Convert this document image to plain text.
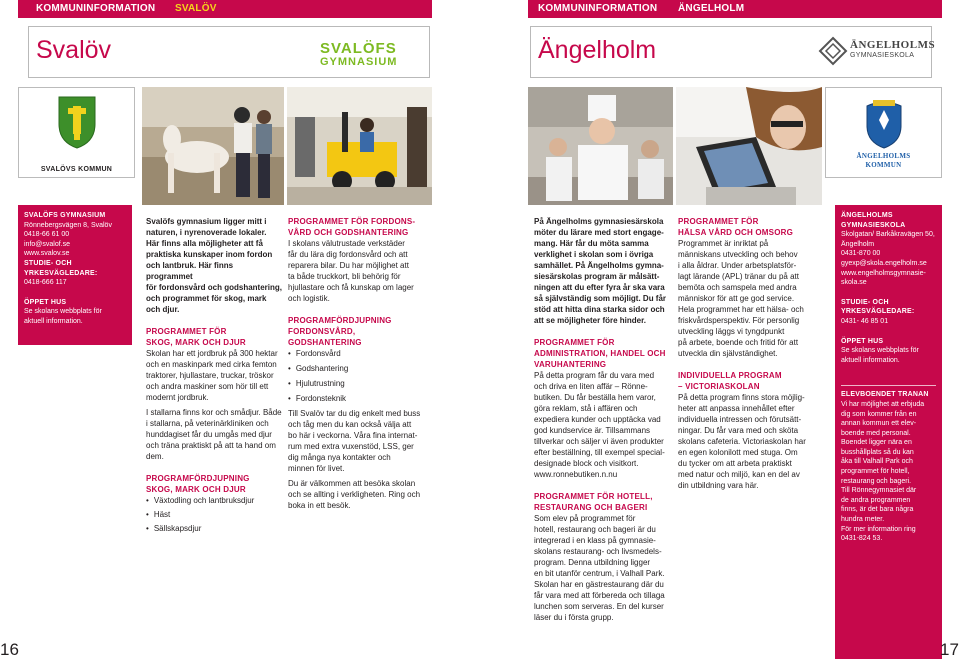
KOMMUNINFORMATION SVALÖV	KOMMUNINFORMATION ÄNGELHOLM
Svalöv	SVALÖFS
GYMNASIUM	Ängelholm	ÄNGELHOLMS
GYMNASIESKOLA
SVALÖVS KOMMUN
ÄNGELHOLMS
KOMMUN
SVALÖFS GYMNASIUM
Rönnebergsvägen 8, Svalöv
0418-66 61 00
info@svalof.se
www.svalov.se
STUDIE- OCH
YRKESVÄGLEDARE:
0418-666 117
ÖPPET HUS
Se skolans webbplats för
aktuell information.

Svalöfs gymnasium ligger mitt i

naturen, i nyrenoverade lokaler.

Här finns alla möjligheter att få

praktiska kunskaper inom fordon

och lantbruk. Här finns programmet

för fordonsvård och godshantering,

och programmet för skog, mark

och djur.

PROGRAMMET FÖR

SKOG, MARK OCH DJUR

Skolan har ett jordbruk på 300 hektar

och en maskinpark med cirka femton

traktorer, hjullastare, truckar, tröskor

och andra maskiner som hör till ett

modernt jordbruk.

I stallarna finns kor och smådjur. Både

i stallarna, på veterinärkliniken och

hunddagiset får du umgås med djur

och träna praktiskt på att ta hand om

dem.

PROGRAMFÖRDJUPNING

SKOG, MARK OCH DJUR

• Växtodling och lantbruksdjur
• Häst
• Sällskapsdjur

PROGRAMMET FÖR FORDONS-

VÅRD OCH GODSHANTERING

I skolans välutrustade verkstäder

får du lära dig fordonsvård och att

reparera bilar. Du har möjlighet att

ta både truckkort, bli behörig för

hjullastare och få kunskap om lager

och logistik.

PROGRAMFÖRDJUPNING

FORDONSVÅRD, GODSHANTERING

• Fordonsvård
• Godshantering
• Hjulutrustning
• Fordonsteknik

Till Svalöv tar du dig enkelt med buss

och tåg men du kan också välja att

bo här i veckorna. Våra fina internat-

rum med extra vuxenstöd, LSS, ger

dig många nya kontakter och

minnen för livet.

Du är välkommen att besöka skolan

och se allting i verkligheten. Ring och

boka in ett besök.

På Ängelholms gymnasiesärskola

möter du lärare med stort engage-

mang. Här får du möta samma

verklighet i skolan som i övriga

samhället. På Ängelholms gymna-

siesärskolas program är målsätt-

ningen att du efter fyra år ska vara

så självständig som möjligt. Du får

stöd att hitta dina starka sidor och

att se möjligheter före hinder.

PROGRAMMET FÖR

ADMINISTRATION, HANDEL OCH

VARUHANTERING

På detta program får du vara med

och driva en liten affär – Rönne-

butiken. Du får beställa hem varor,

göra reklam, stå i affären och

expediera kunder och upptäcka vad

god kundservice är. Tillsammans

tillverkar och säljer vi även produkter

efter beställning, till exempel special-

designade block och visitkort.

www.ronnebutiken.n.nu

PROGRAMMET FÖR HOTELL,

RESTAURANG OCH BAGERI

Som elev på programmet för

hotell, restaurang och bageri är du

integrerad i en klass på gymnasie-

skolans restaurang- och livsmedels-

program. Denna utbildning ligger

en bit utanför centrum, i Valhall Park.

Skolan har en gästrestaurang där du

får vara med att förbereda och tillaga

lunchen som serveras. En del kurser

läser du i första grupp.

PROGRAMMET FÖR

HÄLSA VÅRD OCH OMSORG

Programmet är inriktat på

människans utveckling och behov

i alla åldrar. Under arbetsplatsför-

lagt lärande (APL) tränar du på att

bemöta och samspela med andra

människor för att ge god service.

Hela programmet har ett hälsa- och

friskvårdsperspektiv. För personlig

utveckling läggs vi tyngdpunkt

på arbete, boende och fritid för att

utveckla din självständighet.

INDIVIDUELLA PROGRAM

– VICTORIASKOLAN

På detta program finns stora möjlig-

heter att anpassa innehållet efter

individuella intressen och förutsätt-

ningar. Du får vara med och sköta

skolans cafeteria. Victoriaskolan har

en egen kolonilott med stuga. Om

du tycker om att arbeta praktiskt

med natur och miljö, kan en del av

din utbildning vara här.

ÄNGELHOLMS
GYMNASIESKOLA
Skolgatan/ Barkåkravägen 50,
Ängelholm
0431-870 00
gyexp@skola.engelholm.se
www.engelholmsgymnasie-
skola.se
STUDIE- OCH
YRKESVÄGLEDARE:
0431- 46 85 01
ÖPPET HUS
Se skolans webbplats för
aktuell information.
ELEVBOENDET TRANAN
Vi har möjlighet att erbjuda
dig som kommer från en
annan kommun ett elev-
boende med personal.
Boendet ligger nära en
busshållplats så du kan
åka till Valhall Park och
programmet för hotell,
restaurang och bageri.
Till Rönnegymnasiet där
de andra programmen
finns, är det bara några
hundra meter.
För mer information ring
0431-824 53.
16	17
